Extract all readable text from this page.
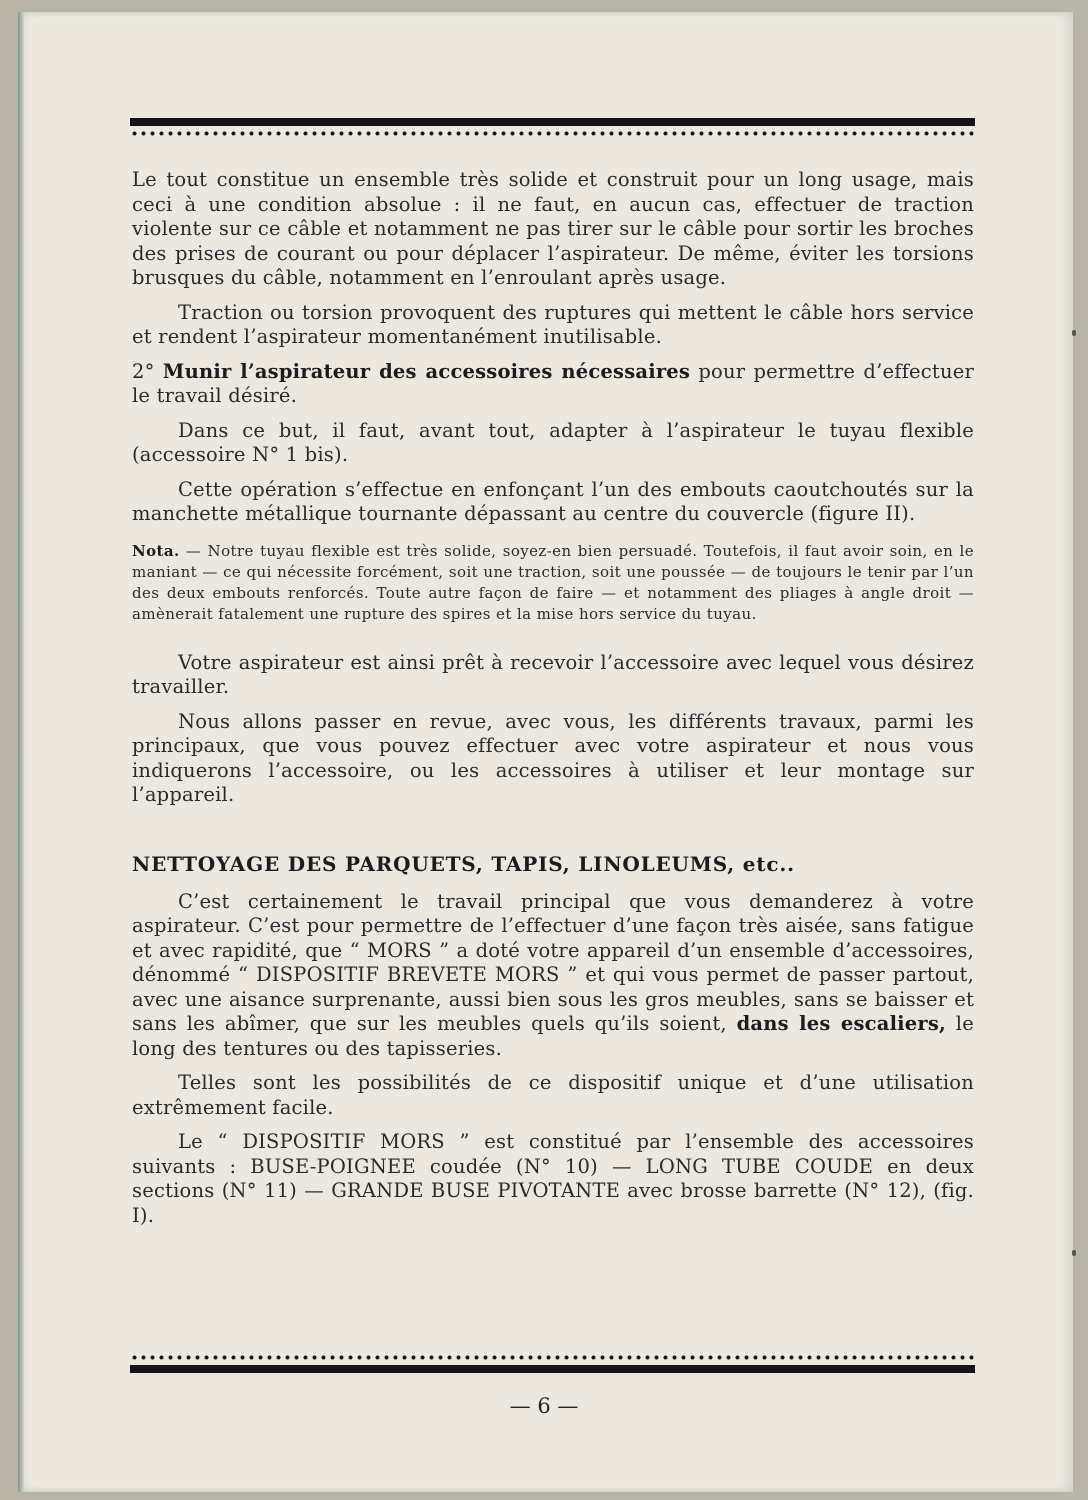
Le tout constitue un ensemble très solide et construit pour un long usage, mais ceci à une condition absolue : il ne faut, en aucun cas, effectuer de traction violente sur ce câble et notamment ne pas tirer sur le câble pour sortir les broches des prises de courant ou pour déplacer l’aspirateur. De même, éviter les torsions brusques du câble, notamment en l’enroulant après usage.

Traction ou torsion provoquent des ruptures qui mettent le câble hors service et rendent l’aspirateur momentanément inutilisable.

2° Munir l’aspirateur des accessoires nécessaires pour permettre d’effectuer le travail désiré.

Dans ce but, il faut, avant tout, adapter à l’aspirateur le tuyau flexible (accessoire N° 1 bis).

Cette opération s’effectue en enfonçant l’un des embouts caoutchoutés sur la manchette métallique tournante dépassant au centre du couvercle (figure II).

Nota. — Notre tuyau flexible est très solide, soyez-en bien persuadé. Toutefois, il faut avoir soin, en le maniant — ce qui nécessite forcément, soit une traction, soit une poussée — de toujours le tenir par l’un des deux embouts renforcés. Toute autre façon de faire — et notamment des pliages à angle droit — amènerait fatalement une rupture des spires et la mise hors service du tuyau.

Votre aspirateur est ainsi prêt à recevoir l’accessoire avec lequel vous désirez travailler.

Nous allons passer en revue, avec vous, les différents travaux, parmi les principaux, que vous pouvez effectuer avec votre aspirateur et nous vous indiquerons l’accessoire, ou les accessoires à utiliser et leur montage sur l’appareil.

NETTOYAGE DES PARQUETS, TAPIS, LINOLEUMS, etc..

C’est certainement le travail principal que vous demanderez à votre aspirateur. C’est pour permettre de l’effectuer d’une façon très aisée, sans fatigue et avec rapidité, que “ MORS ” a doté votre appareil d’un ensemble d’accessoires, dénommé “ DISPOSITIF BREVETE MORS ” et qui vous permet de passer partout, avec une aisance surprenante, aussi bien sous les gros meubles, sans se baisser et sans les abîmer, que sur les meubles quels qu’ils soient, dans les escaliers, le long des tentures ou des tapisseries.

Telles sont les possibilités de ce dispositif unique et d’une utilisation extrêmement facile.

Le “ DISPOSITIF MORS ” est constitué par l’ensemble des accessoires suivants : BUSE-POIGNEE coudée (N° 10) — LONG TUBE COUDE en deux sections (N° 11) — GRANDE BUSE PIVOTANTE avec brosse barrette (N° 12), (fig. I).

— 6 —
